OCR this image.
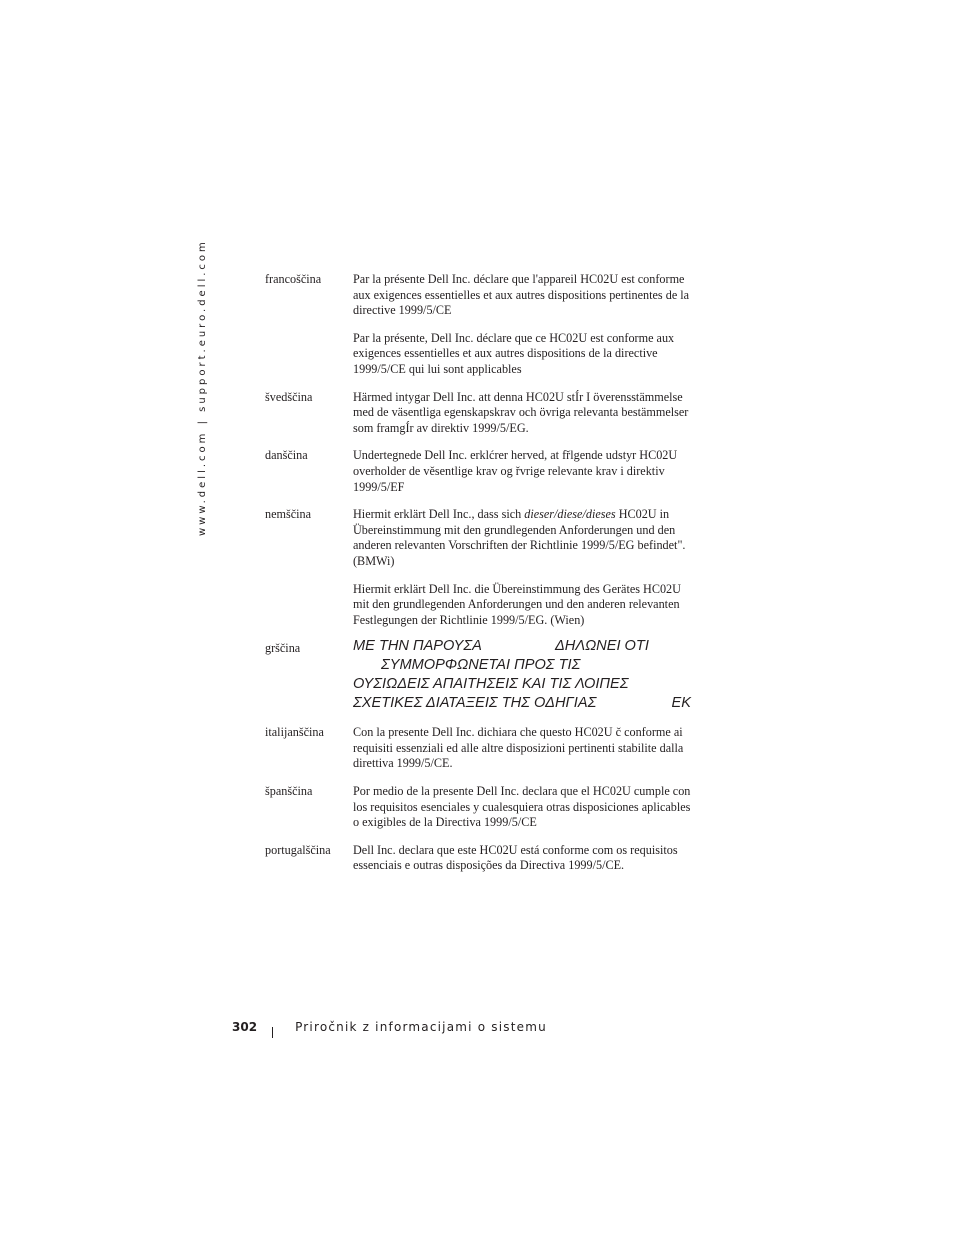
www.dell.com | support.euro.dell.com	francoščina	Par la présente Dell Inc. déclare que l'appareil HC02U est conforme aux exigences essentielles et aux autres dispositions pertinentes de la directive 1999/5/CE

Par la présente, Dell Inc. déclare que ce HC02U est conforme aux exigences essentielles et aux autres dispositions de la directive 1999/5/CE qui lui sont applicables

švedščina	Härmed intygar Dell Inc. att denna HC02U stÍr I överensstämmelse med de väsentliga egenskapskrav och övriga relevanta bestämmelser som framgÍr av direktiv 1999/5/EG.

danščina	Undertegnede Dell Inc. erklćrer herved, at fřlgende udstyr HC02U overholder de věsentlige krav og řvrige relevante krav i direktiv 1999/5/EF

nemščina	Hiermit erklärt Dell Inc., dass sich dieser/diese/dieses HC02U in Übereinstimmung mit den grundlegenden Anforderungen und den anderen relevanten Vorschriften der Richtlinie 1999/5/EG befindet". (BMWi)

Hiermit erklärt Dell Inc. die Übereinstimmung des Gerätes HC02U mit den grundlegenden Anforderungen und den anderen relevanten Festlegungen der Richtlinie 1999/5/EG. (Wien)

grščina	ΜΕ ΤΗΝ ΠΑΡΟΥΣΑ	ΔΗΛΩΝΕΙ ΟΤΙ
ΣΥΜΜΟΡΦΩΝΕΤΑΙ ΠΡΟΣ ΤΙΣ
ΟΥΣΙΩΔΕΙΣ ΑΠΑΙΤΗΣΕΙΣ ΚΑΙ ΤΙΣ ΛΟΙΠΕΣ
ΣΧΕΤΙΚΕΣ ΔΙΑΤΑΞΕΙΣ ΤΗΣ ΟΔΗΓΙΑΣ	ΕΚ
italijanščina	Con la presente Dell Inc. dichiara che questo HC02U č conforme ai requisiti essenziali ed alle altre disposizioni pertinenti stabilite dalla direttiva 1999/5/CE.

španščina	Por medio de la presente Dell Inc. declara que el HC02U cumple con los requisitos esenciales y cualesquiera otras disposiciones aplicables o exigibles de la Directiva 1999/5/CE

portugalščina	Dell Inc. declara que este HC02U está conforme com os requisitos essenciais e outras disposições da Directiva 1999/5/CE.

302	Priročnik z informacijami o sistemu
